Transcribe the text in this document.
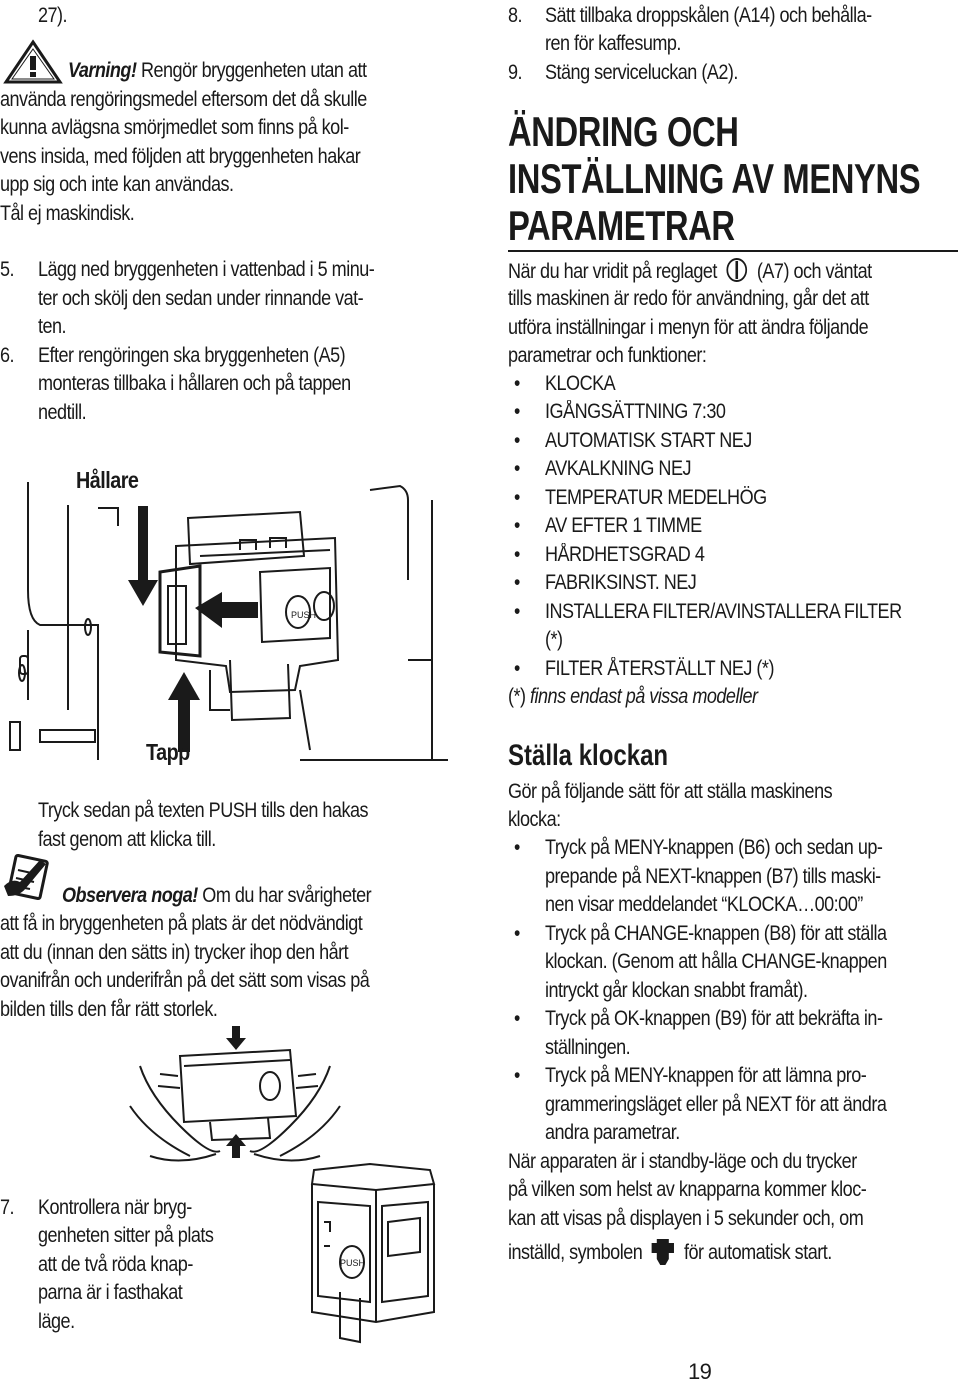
27).
Varning! Rengör bryggenheten utan att
använda rengöringsmedel eftersom det då skulle
kunna avlägsna smörjmedlet som finns på kol-
vens insida, med följden att bryggenheten hakar
upp sig och inte kan användas.
Tål ej maskindisk.
5. Lägg ned bryggenheten i vattenbad i 5 minu-
ter och skölj den sedan under rinnande vat-
ten.
6. Efter rengöringen ska bryggenheten (A5)
monteras tillbaka i hållaren och på tappen
nedtill.
PUSH
Hållare
Tapp
Tryck sedan på texten PUSH tills den hakas
fast genom att klicka till.
Observera noga! Om du har svårigheter
att få in bryggenheten på plats är det nödvändigt
att du (innan den sätts in) trycker ihop den hårt
ovanifrån och underifrån på det sätt som visas på
bilden tills den får rätt storlek.
7. Kontrollera när bryg-
genheten sitter på plats
att de två röda knap-
parna är i fasthakat
läge.
PUSH
8. Sätt tillbaka droppskålen (A14) och behålla-
ren för kaffesump.
9. Stäng serviceluckan (A2).
ÄNDRING OCH
INSTÄLLNING AV MENYNS
PARAMETRAR
När du har vridit på reglaget (A7) och väntat
tills maskinen är redo för användning, går det att
utföra inställningar i menyn för att ändra följande
parametrar och funktioner:
• KLOCKA
• IGÅNGSÄTTNING 7:30
• AUTOMATISK START NEJ
• AVKALKNING NEJ
• TEMPERATUR MEDELHÖG
• AV EFTER 1 TIMME
• HÅRDHETSGRAD 4
• FABRIKSINST. NEJ
• INSTALLERA FILTER/AVINSTALLERA FILTER
(*)
• FILTER ÅTERSTÄLLT NEJ (*)
(*) finns endast på vissa modeller
Ställa klockan
Gör på följande sätt för att ställa maskinens
klocka:
• Tryck på MENY-knappen (B6) och sedan up-
prepande på NEXT-knappen (B7) tills maski-
nen visar meddelandet “KLOCKA…00:00”
• Tryck på CHANGE-knappen (B8) för att ställa
klockan. (Genom att hålla CHANGE-knappen
intryckt går klockan snabbt framåt).
• Tryck på OK-knappen (B9) för att bekräfta in-
ställningen.
• Tryck på MENY-knappen för att lämna pro-
grammeringsläget eller på NEXT för att ändra
andra parametrar.
När apparaten är i standby-läge och du trycker
på vilken som helst av knapparna kommer kloc-
kan att visas på displayen i 5 sekunder och, om
inställd, symbolen för automatisk start.
19
